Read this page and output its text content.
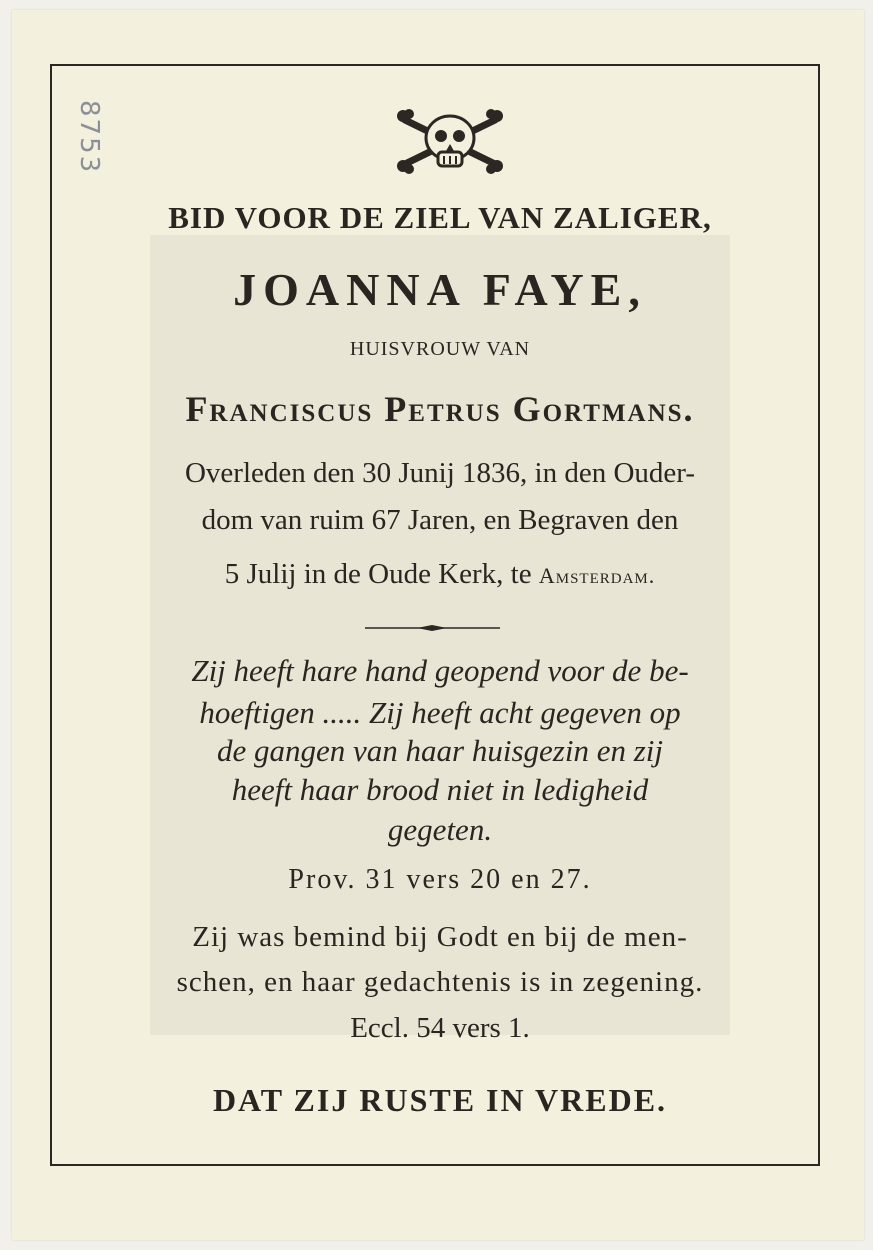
8753
BID VOOR DE ZIEL VAN ZALIGER,
JOANNA FAYE,
HUISVROUW VAN
Franciscus Petrus Gortmans.
Overleden den 30 Junij 1836, in den Ouder-
dom van ruim 67 Jaren, en Begraven den
5 Julij in de Oude Kerk, te Amsterdam.
Zij heeft hare hand geopend voor de be-
hoeftigen ..... Zij heeft acht gegeven op
de gangen van haar huisgezin en zij
heeft haar brood niet in ledigheid
gegeten.
Prov. 31 vers 20 en 27.
Zij was bemind bij Godt en bij de men-
schen, en haar gedachtenis is in zegening.
Eccl. 54 vers 1.
DAT ZIJ RUSTE IN VREDE.
